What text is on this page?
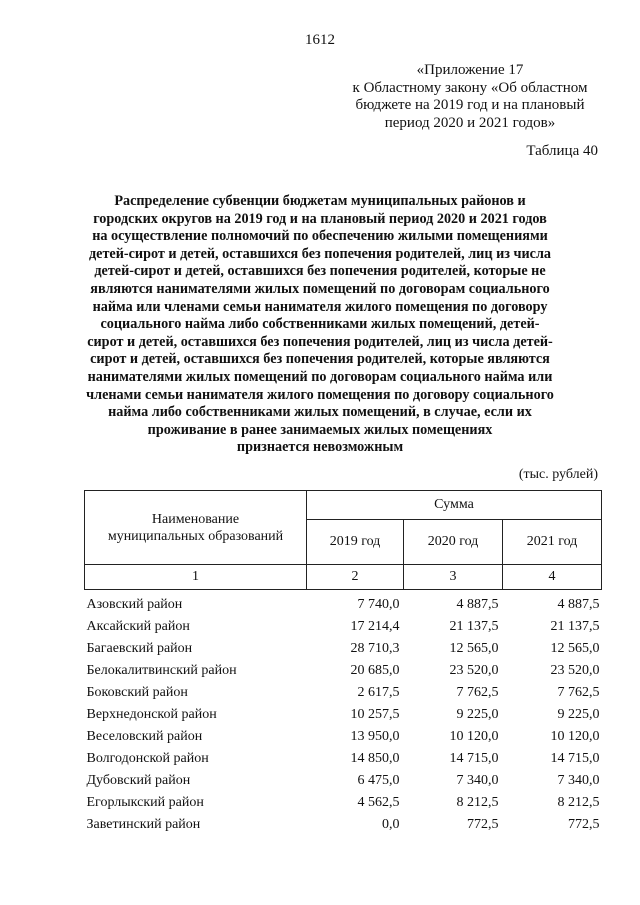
1612
«Приложение 17
к Областному закону «Об областном
бюджете на 2019 год и на плановый
период 2020 и 2021 годов»
Таблица 40
Распределение субвенции бюджетам муниципальных районов и
городских округов на 2019 год и на плановый период 2020 и 2021 годов
на осуществление полномочий по обеспечению жилыми помещениями
детей-сирот и детей, оставшихся без попечения родителей, лиц из числа
детей-сирот и детей, оставшихся без попечения родителей, которые не
являются нанимателями жилых помещений по договорам социального
найма или членами семьи нанимателя жилого помещения по договору
социального найма либо собственниками жилых помещений, детей-
сирот и детей, оставшихся без попечения родителей, лиц из числа детей-
сирот и детей, оставшихся без попечения родителей, которые являются
нанимателями жилых помещений по договорам социального найма или
членами семьи нанимателя жилого помещения по договору социального
найма либо собственниками жилых помещений, в случае, если их
проживание в ранее занимаемых жилых помещениях
признается невозможным
(тыс. рублей)
Наименование
муниципальных образований	Сумма		
	2019 год	2020 год	2021 год
1	2	3	4

Азовский район	7 740,0	4 887,5	4 887,5
Аксайский район	17 214,4	21 137,5	21 137,5
Багаевский район	28 710,3	12 565,0	12 565,0
Белокалитвинский район	20 685,0	23 520,0	23 520,0
Боковский район	2 617,5	7 762,5	7 762,5
Верхнедонской район	10 257,5	9 225,0	9 225,0
Веселовский район	13 950,0	10 120,0	10 120,0
Волгодонской район	14 850,0	14 715,0	14 715,0
Дубовский район	6 475,0	7 340,0	7 340,0
Егорлыкский район	4 562,5	8 212,5	8 212,5
Заветинский район	0,0	772,5	772,5
